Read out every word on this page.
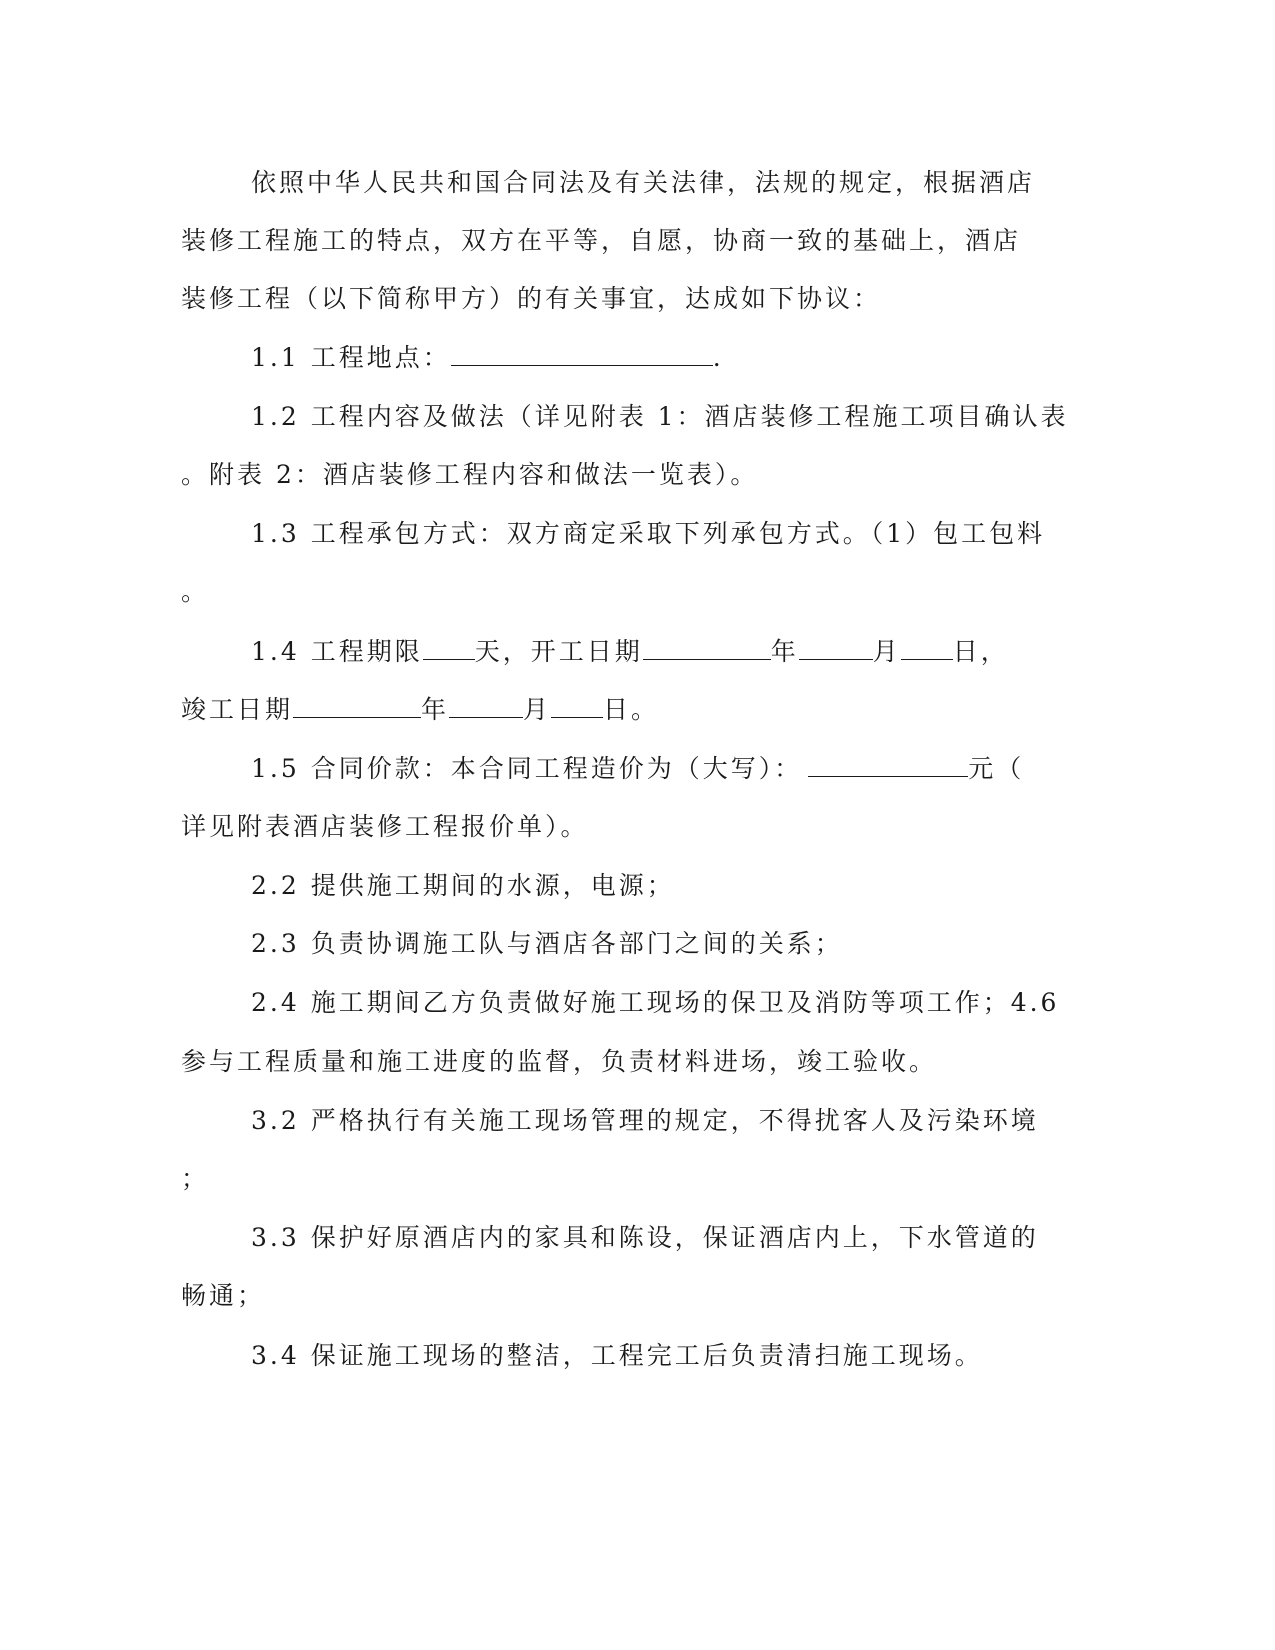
依照中华人民共和国合同法及有关法律，法规的规定，根据酒店
装修工程施工的特点，双方在平等，自愿，协商一致的基础上，酒店
装修工程（以下简称甲方）的有关事宜，达成如下协议：
1.1 工程地点：	.
1.2 工程内容及做法（详见附表 1：酒店装修工程施工项目确认表
。附表 2：酒店装修工程内容和做法一览表）。
1.3 工程承包方式：双方商定采取下列承包方式。（1）包工包料
。
1.4 工程期限 天，开工日期	年	月 日，
竣工日期	年	月 日。
1.5 合同价款：本合同工程造价为（大写）：	元（
详见附表酒店装修工程报价单）。
2.2 提供施工期间的水源，电源；
2.3 负责协调施工队与酒店各部门之间的关系；
2.4 施工期间乙方负责做好施工现场的保卫及消防等项工作；4.6
参与工程质量和施工进度的监督，负责材料进场，竣工验收。
3.2 严格执行有关施工现场管理的规定，不得扰客人及污染环境
；
3.3 保护好原酒店内的家具和陈设，保证酒店内上，下水管道的
畅通；
3.4 保证施工现场的整洁，工程完工后负责清扫施工现场。
